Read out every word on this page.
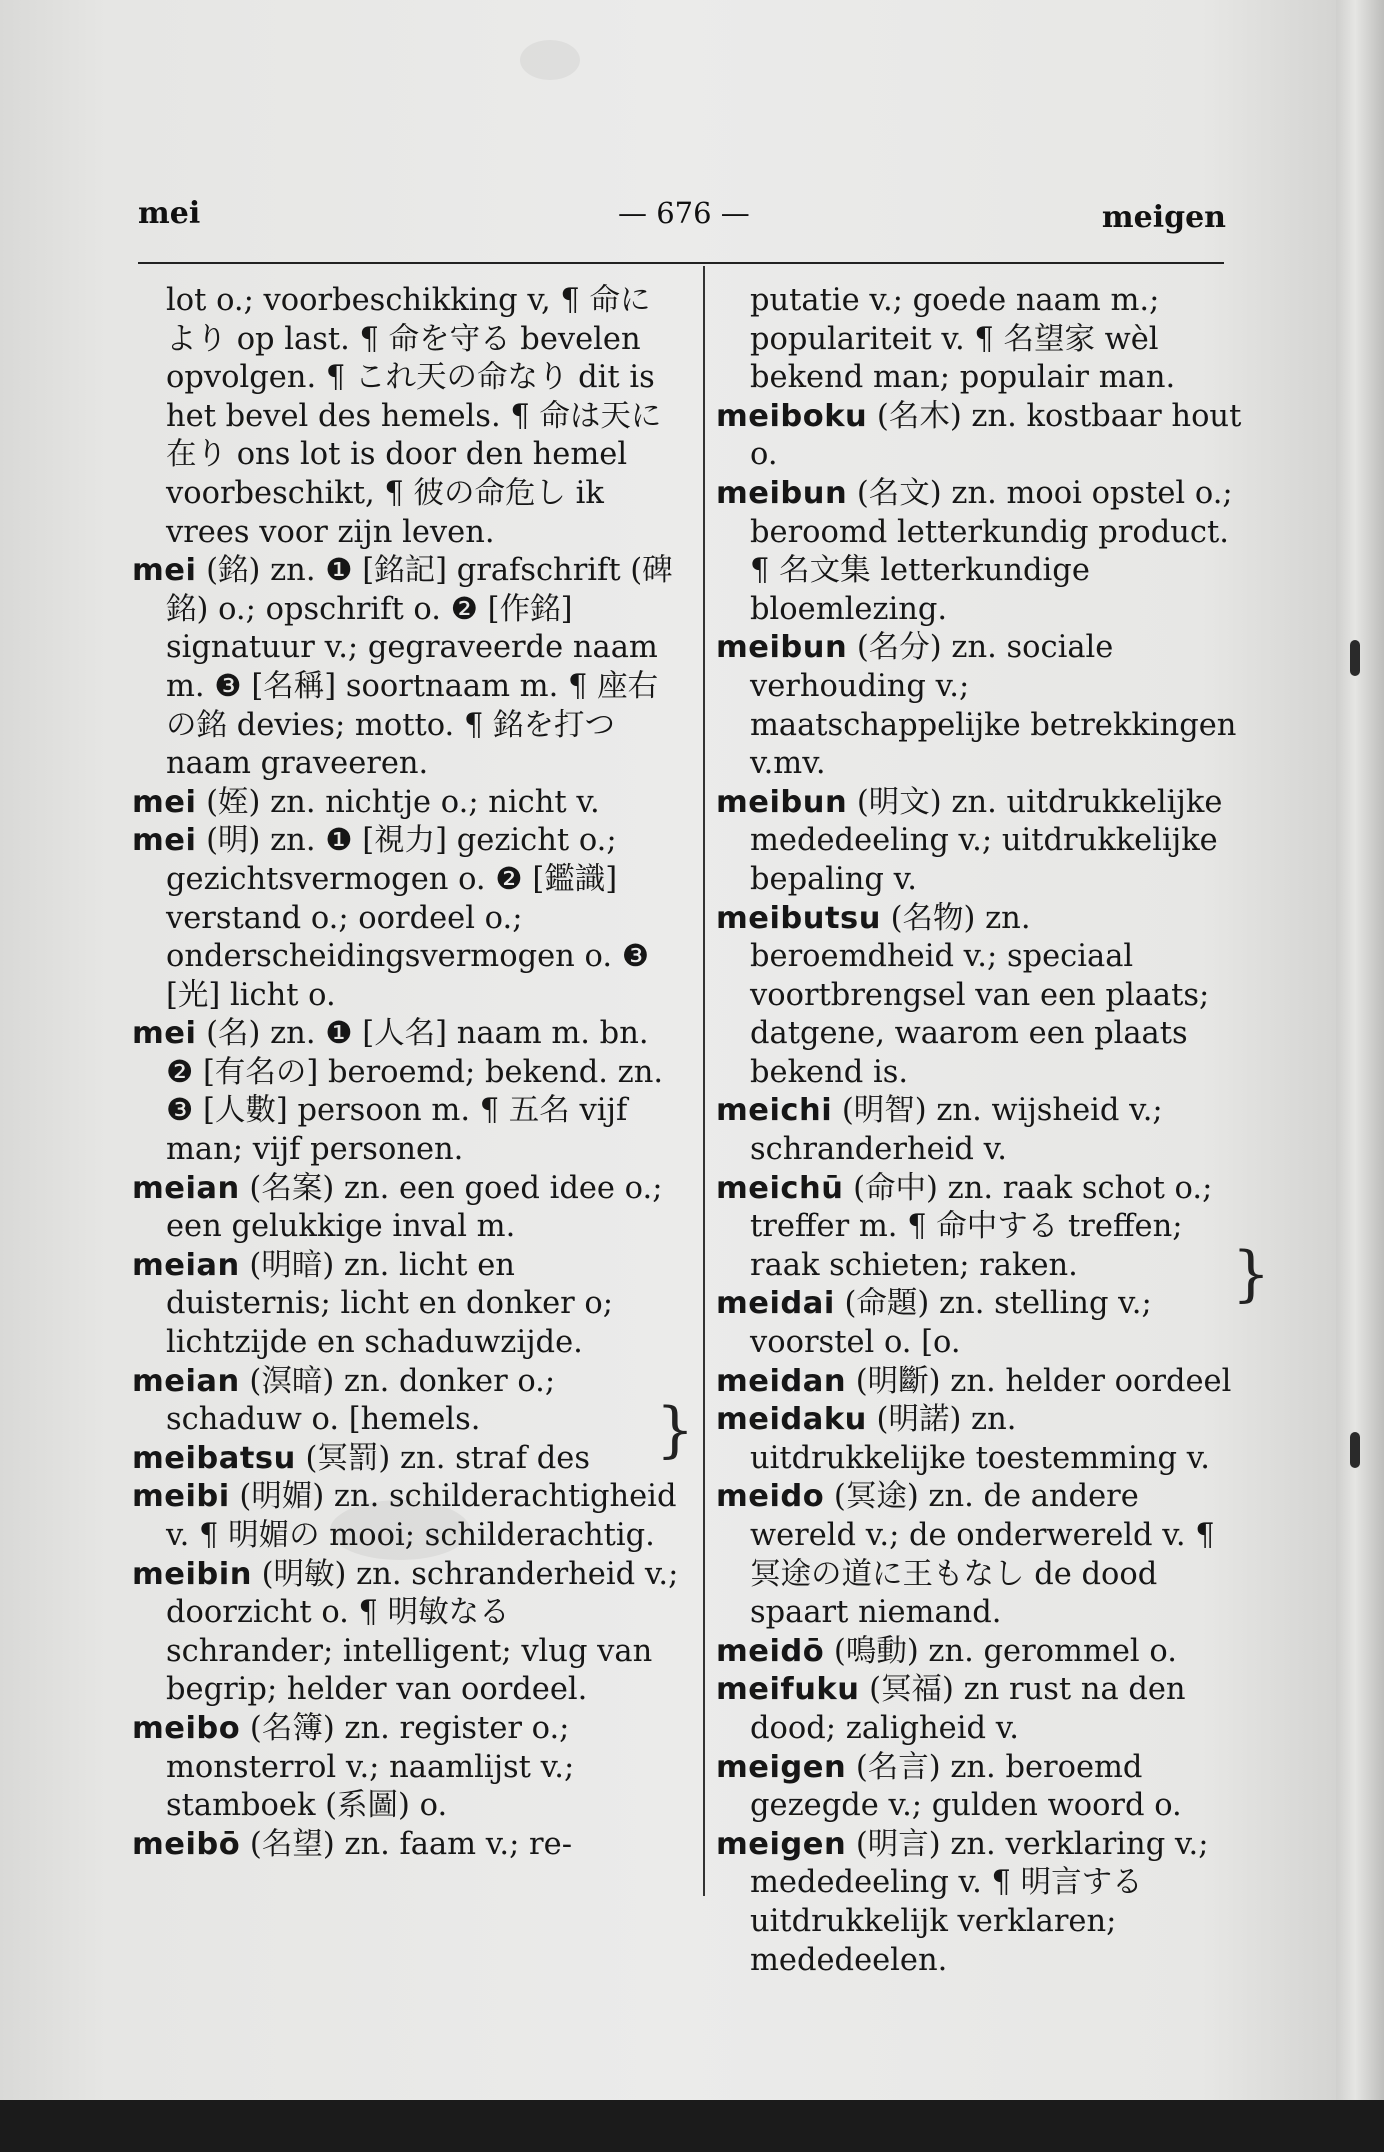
mei	— 676 —	meigen

lot o.; voorbeschikking v, ¶ 命により op last. ¶ 命を守る bevelen opvolgen. ¶ これ天の命なり dit is het bevel des hemels. ¶ 命は天に在り ons lot is door den hemel voorbeschikt, ¶ 彼の命危し ik vrees voor zijn leven.

mei (銘) zn. ❶ [銘記] grafschrift (碑銘) o.; opschrift o. ❷ [作銘] signatuur v.; gegraveerde naam m. ❸ [名稱] soortnaam m. ¶ 座右の銘 devies; motto. ¶ 銘を打つ naam graveeren.

mei (姪) zn. nichtje o.; nicht v.

mei (明) zn. ❶ [視力] gezicht o.; gezichtsvermogen o. ❷ [鑑識] verstand o.; oordeel o.; onderscheidingsvermogen o. ❸ [光] licht o.

mei (名) zn. ❶ [人名] naam m. bn. ❷ [有名の] beroemd; bekend. zn. ❸ [人數] persoon m. ¶ 五名 vijf man; vijf personen.

meian (名案) zn. een goed idee o.; een gelukkige inval m.

meian (明暗) zn. licht en duisternis; licht en donker o; lichtzijde en schaduwzijde.

meian (溟暗) zn. donker o.; schaduw o. [hemels.

meibatsu (冥罰) zn. straf des

meibi (明媚) zn. schilderachtigheid v. ¶ 明媚の mooi; schilderachtig.

meibin (明敏) zn. schranderheid v.; doorzicht o. ¶ 明敏なる schrander; intelligent; vlug van begrip; helder van oordeel.

meibo (名簿) zn. register o.; monsterrol v.; naamlijst v.; stamboek (系圖) o.

meibō (名望) zn. faam v.; re-

putatie v.; goede naam m.; populariteit v. ¶ 名望家 wèl bekend man; populair man.

meiboku (名木) zn. kostbaar hout o.

meibun (名文) zn. mooi opstel o.; beroomd letterkundig product. ¶ 名文集 letterkundige bloemlezing.

meibun (名分) zn. sociale verhouding v.; maatschappelijke betrekkingen v.mv.

meibun (明文) zn. uitdrukkelijke mededeeling v.; uitdrukkelijke bepaling v.

meibutsu (名物) zn. beroemdheid v.; speciaal voortbrengsel van een plaats; datgene, waarom een plaats bekend is.

meichi (明智) zn. wijsheid v.; schranderheid v.

meichū (命中) zn. raak schot o.; treffer m. ¶ 命中する treffen; raak schieten; raken.

meidai (命題) zn. stelling v.; voorstel o. [o.

meidan (明斷) zn. helder oordeel

meidaku (明諾) zn. uitdrukkelijke toestemming v.

meido (冥途) zn. de andere wereld v.; de onderwereld v. ¶ 冥途の道に王もなし de dood spaart niemand.

meidō (鳴動) zn. gerommel o.

meifuku (冥福) zn rust na den dood; zaligheid v.

meigen (名言) zn. beroemd gezegde v.; gulden woord o.

meigen (明言) zn. verklaring v.; mededeeling v. ¶ 明言する uitdrukkelijk verklaren; mededeelen.

}
}
